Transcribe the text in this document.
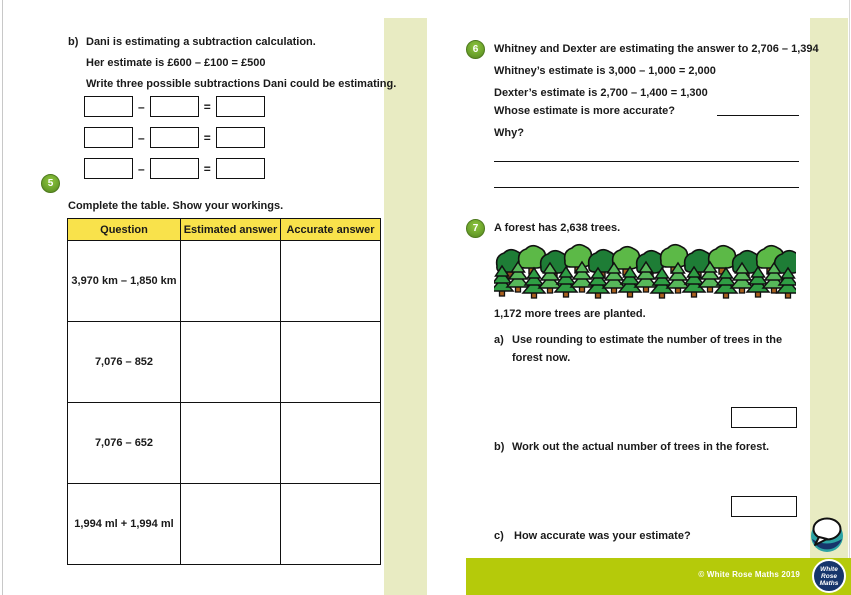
b) Dani is estimating a subtraction calculation.
Her estimate is £600 – £100 = £500
Write three possible subtractions Dani could be estimating.
–	=
–	=
–	=
5
Complete the table. Show your workings.
Question	Estimated answer	Accurate answer
3,970 km – 1,850 km		
7,076 – 852		
7,076 – 652		
1,994 ml + 1,994 ml		
6	Whitney and Dexter are estimating the answer to 2,706 – 1,394
Whitney’s estimate is 3,000 – 1,000 = 2,000
Dexter’s estimate is 2,700 – 1,400 = 1,300
Whose estimate is more accurate?
Why?
7	A forest has 2,638 trees.
1,172 more trees are planted.
a) Use rounding to estimate the number of trees in the
forest now.
b) Work out the actual number of trees in the forest.
c) How accurate was your estimate?
© White Rose Maths 2019
White
Rose
Maths
